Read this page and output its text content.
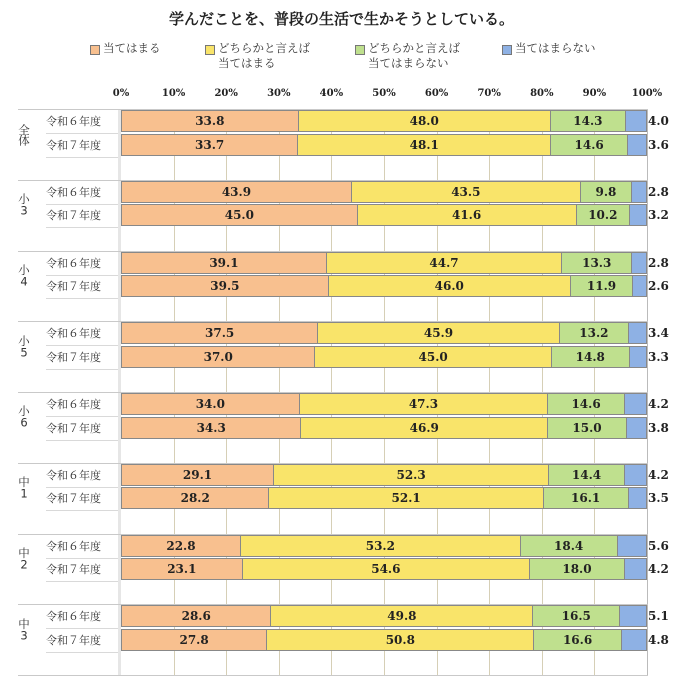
学んだことを、普段の生活で生かそうとしている。
当てはまる	どちらかと言えば
当てはまる
どちらかと言えば
当てはまらない
当てはまらない
0%	10%	20%	30%	40%	50%	60%	70%	80%	90%	100%
全体
令和６年度	33.8	48.0	14.3	4.0
令和７年度	33.7	48.1	14.6	3.6
小3
令和６年度	43.9	43.5	9.8	2.8
令和７年度	45.0	41.6	10.2	3.2
小4
令和６年度	39.1	44.7	13.3	2.8
令和７年度	39.5	46.0	11.9	2.6
小5
令和６年度	37.5	45.9	13.2	3.4
令和７年度	37.0	45.0	14.8	3.3
小6
令和６年度	34.0	47.3	14.6	4.2
令和７年度	34.3	46.9	15.0	3.8
中1
令和６年度	29.1	52.3	14.4	4.2
令和７年度	28.2	52.1	16.1	3.5
中2
令和６年度	22.8	53.2	18.4	5.6
令和７年度	23.1	54.6	18.0	4.2
中3
令和６年度	28.6	49.8	16.5	5.1
令和７年度	27.8	50.8	16.6	4.8
